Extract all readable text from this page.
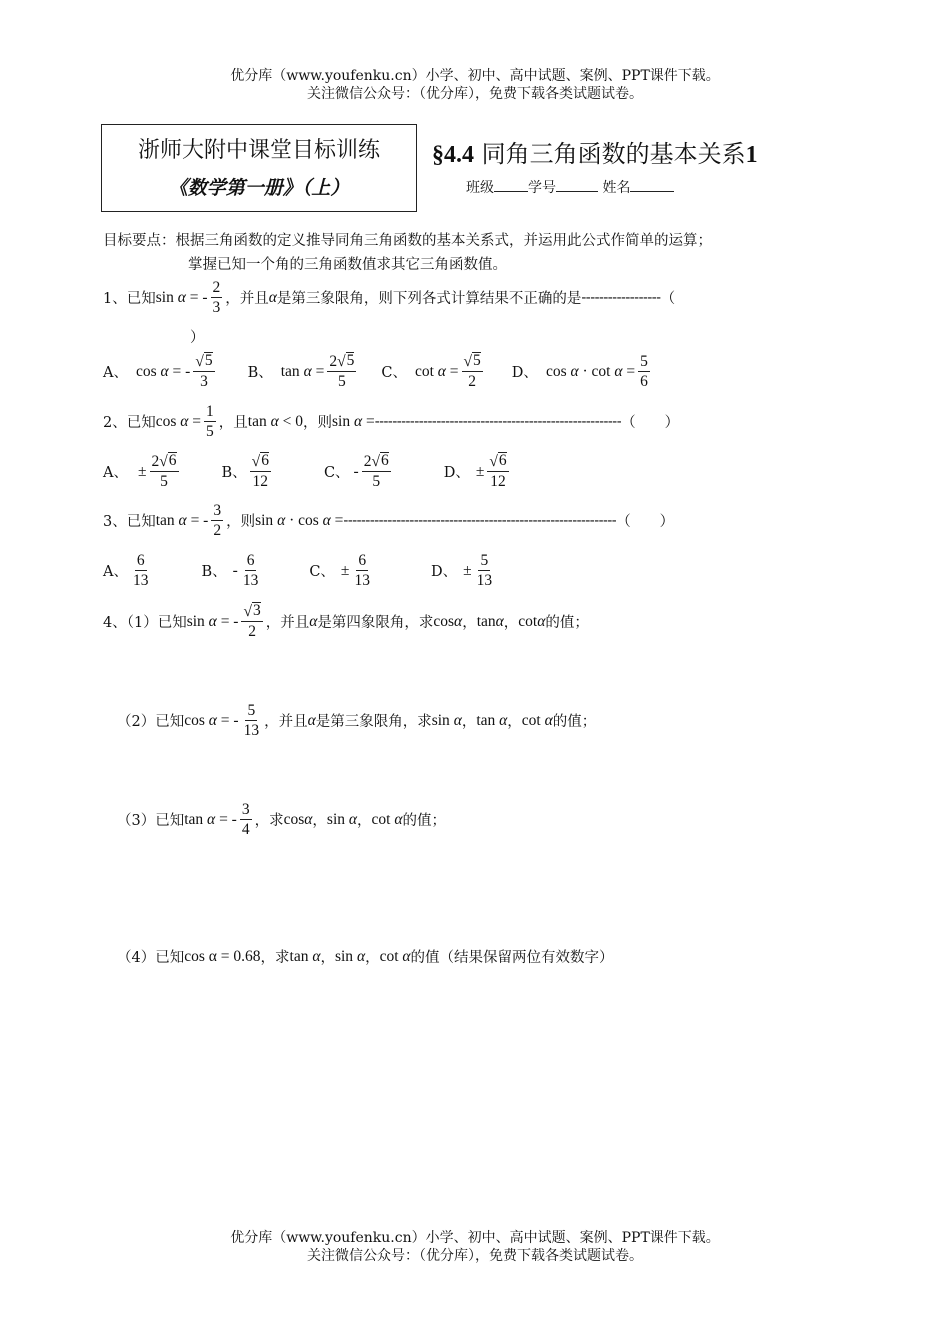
优分库（www.youfenku.cn）小学、初中、高中试题、案例、PPT课件下载。
关注微信公众号：（优分库），免费下载各类试题试卷。
浙师大附中课堂目标训练
《数学第一册》（上）
§4.4 同角三角函数的基本关系1
班级 学号	姓名
目标要点：根据三角函数的定义推导同角三角函数的基本关系式，并运用此公式作简单的运算；
掌握已知一个角的三角函数值求其它三角函数值。
1、已知 sin α = - $\frac{2}{3}$ ，并且 α 是第三象限角，则下列各式计算结果不正确的是 ------------------ （
）
A、 cos α = - $\frac{√ 5}{3}$ B、 $\tan \alpha = \frac{2√ 5}{5}$ C、 $\cot \alpha = \frac{√ 5}{2}$ D、 $\cos \alpha \cdot \cot \alpha = \frac{5}{6}$
2、已知 $\cos \alpha = \frac{1}{5}$ ，且 tan α < 0 ，则 sin α = -------------------------------------------------------- （　　）
A、 ± $\frac{2√ 6}{5}$	B、 $\frac{√ 6}{12}$	C、 - $\frac{2√ 6}{5}$	D、 ± $\frac{√ 6}{12}$
3、已知 tan α = - $\frac{3}{2}$ ，则 sin α · cos α = -------------------------------------------------------------- （　　）
A、 $\frac{6}{13}$	B、 - $\frac{6}{13}$	C、 ± $\frac{6}{13}$	D、 ± $\frac{5}{13}$
4、（1）已知 sin α = - $\frac{√ 3}{2}$ ，并且 α 是第四象限角，求 cosα ， tanα ， cotα 的值；
（2）已知 cos α = - $\frac{5}{13}$ ，并且 α 是第三象限角，求 sin α ， tan α ， cot α 的值；
（3）已知 tan α = - $\frac{3}{4}$ ，求 cosα ， sin α ， cot α 的值；
（4）已知 cos α = 0.68 ，求 tan α ， sin α ， cot α 的值（结果保留两位有效数字）
优分库（www.youfenku.cn）小学、初中、高中试题、案例、PPT课件下载。
关注微信公众号：（优分库），免费下载各类试题试卷。
